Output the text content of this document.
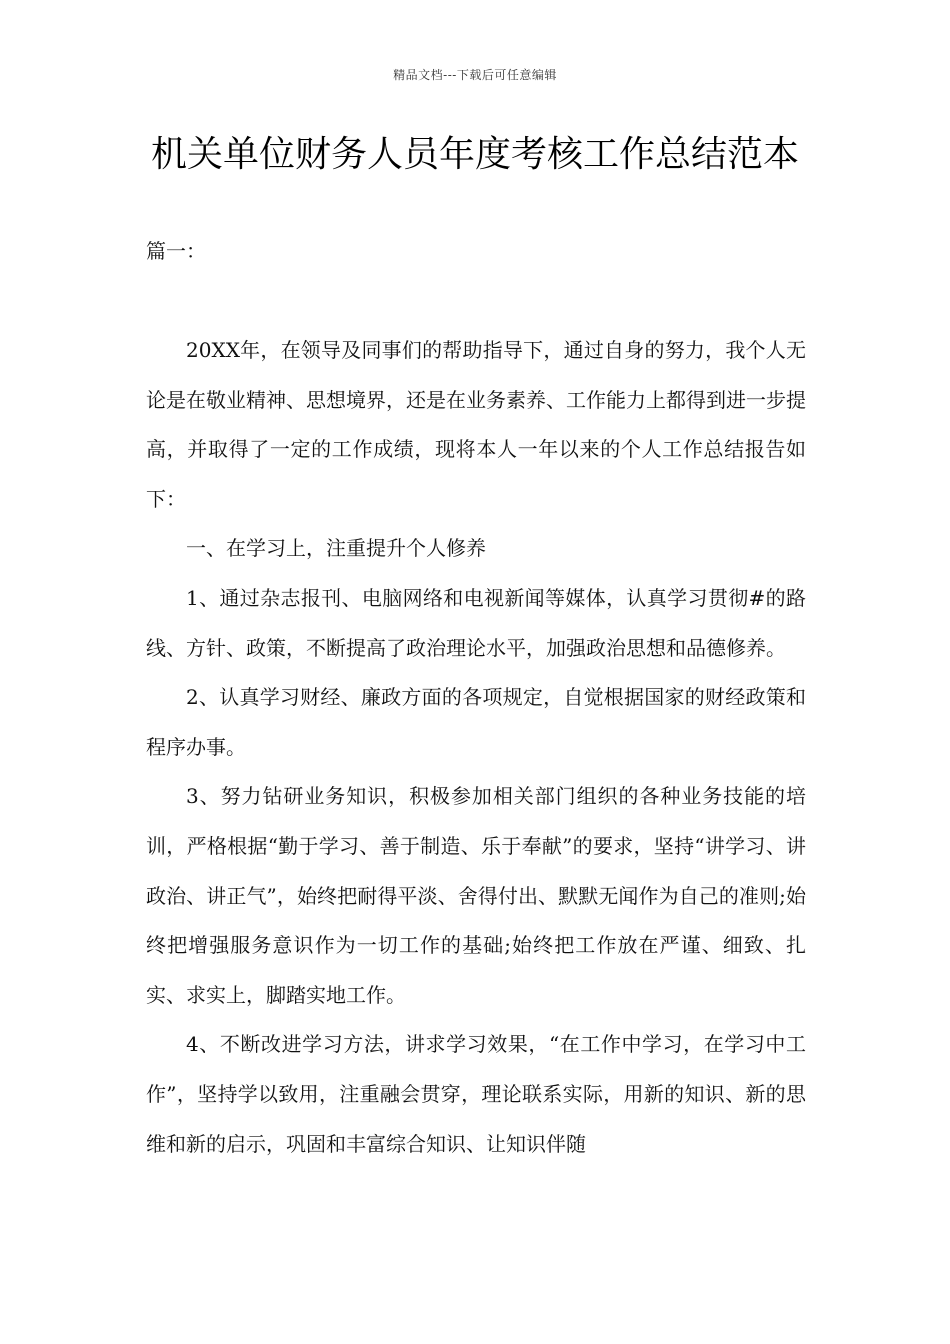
精品文档---下载后可任意编辑
机关单位财务人员年度考核工作总结范本
篇一：

20XX年，在领导及同事们的帮助指导下，通过自身的努力，我个人无论是在敬业精神、思想境界，还是在业务素养、工作能力上都得到进一步提高，并取得了一定的工作成绩，现将本人一年以来的个人工作总结报告如下：

一、在学习上，注重提升个人修养

1、通过杂志报刊、电脑网络和电视新闻等媒体，认真学习贯彻#的路线、方针、政策，不断提高了政治理论水平，加强政治思想和品德修养。

2、认真学习财经、廉政方面的各项规定，自觉根据国家的财经政策和程序办事。

3、努力钻研业务知识，积极参加相关部门组织的各种业务技能的培训，严格根据“勤于学习、善于制造、乐于奉献”的要求，坚持“讲学习、讲政治、讲正气”，始终把耐得平淡、舍得付出、默默无闻作为自己的准则;始终把增强服务意识作为一切工作的基础;始终把工作放在严谨、细致、扎实、求实上，脚踏实地工作。

4、不断改进学习方法，讲求学习效果，“在工作中学习，在学习中工作”，坚持学以致用，注重融会贯穿，理论联系实际，用新的知识、新的思维和新的启示，巩固和丰富综合知识、让知识伴随
